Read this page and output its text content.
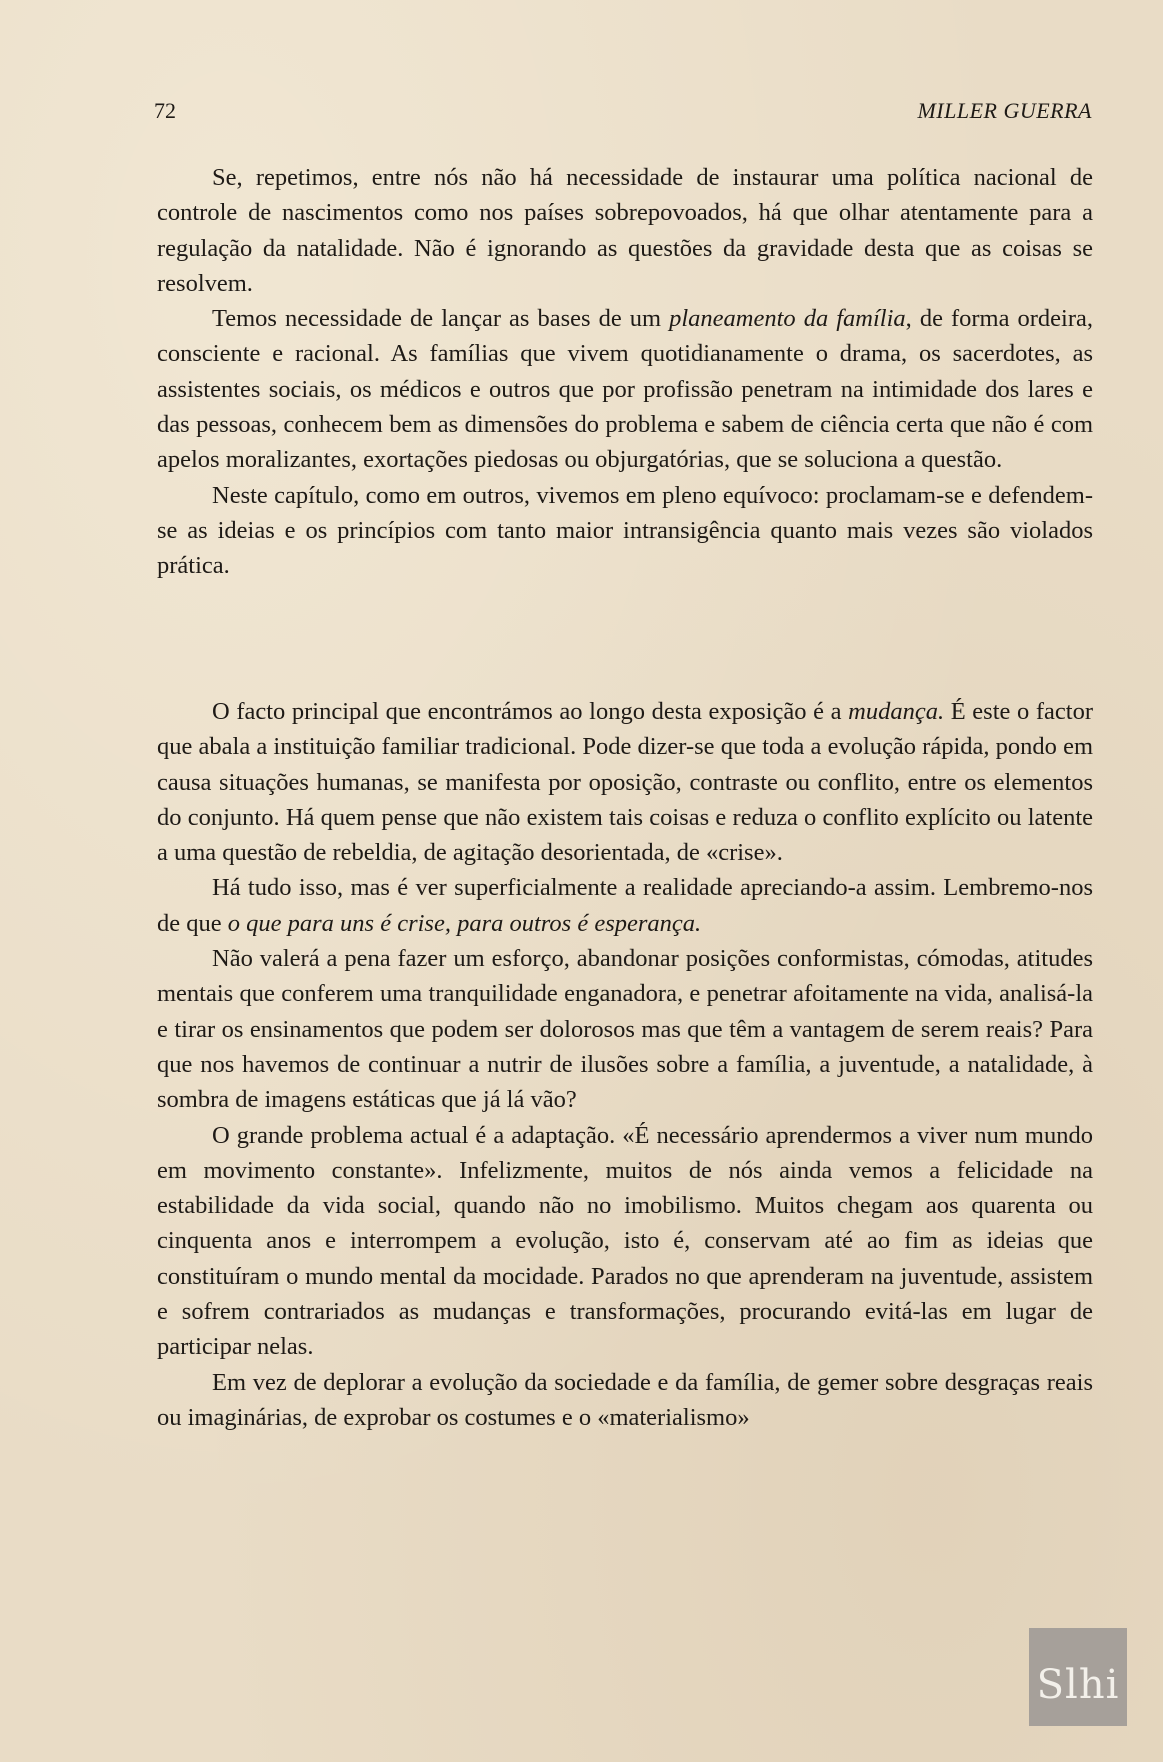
72	MILLER GUERRA

Se, repetimos, entre nós não há necessidade de instaurar uma política nacional de controle de nascimentos como nos países sobrepovoados, há que olhar atentamente para a regulação da natalidade. Não é ignorando as questões da gravidade desta que as coisas se resolvem.

Temos necessidade de lançar as bases de um planeamento da família, de forma ordeira, consciente e racional. As famílias que vivem quotidianamente o drama, os sacerdotes, as assistentes sociais, os médicos e outros que por profissão penetram na intimidade dos lares e das pessoas, conhecem bem as dimensões do problema e sabem de ciência certa que não é com apelos moralizantes, exortações piedosas ou objurgatórias, que se soluciona a questão.

Neste capítulo, como em outros, vivemos em pleno equívoco: proclamam-se e defendem-se as ideias e os princípios com tanto maior intransigência quanto mais vezes são violados prática.

O facto principal que encontrámos ao longo desta exposição é a mudança. É este o factor que abala a instituição familiar tradicional. Pode dizer-se que toda a evolução rápida, pondo em causa situações humanas, se manifesta por oposição, contraste ou conflito, entre os elementos do conjunto. Há quem pense que não existem tais coisas e reduza o conflito explícito ou latente a uma questão de rebeldia, de agitação desorientada, de «crise».

Há tudo isso, mas é ver superficialmente a realidade apreciando-a assim. Lembremo-nos de que o que para uns é crise, para outros é esperança.

Não valerá a pena fazer um esforço, abandonar posições conformistas, cómodas, atitudes mentais que conferem uma tranquilidade enganadora, e penetrar afoitamente na vida, analisá-la e tirar os ensinamentos que podem ser dolorosos mas que têm a vantagem de serem reais? Para que nos havemos de continuar a nutrir de ilusões sobre a família, a juventude, a natalidade, à sombra de imagens estáticas que já lá vão?

O grande problema actual é a adaptação. «É necessário aprendermos a viver num mundo em movimento constante». Infelizmente, muitos de nós ainda vemos a felicidade na estabilidade da vida social, quando não no imobilismo. Muitos chegam aos quarenta ou cinquenta anos e interrompem a evolução, isto é, conservam até ao fim as ideias que constituíram o mundo mental da mocidade. Parados no que aprenderam na juventude, assistem e sofrem contrariados as mudanças e transformações, procurando evitá-las em lugar de participar nelas.

Em vez de deplorar a evolução da sociedade e da família, de gemer sobre desgraças reais ou imaginárias, de exprobar os costumes e o «materialismo»

Slhi
